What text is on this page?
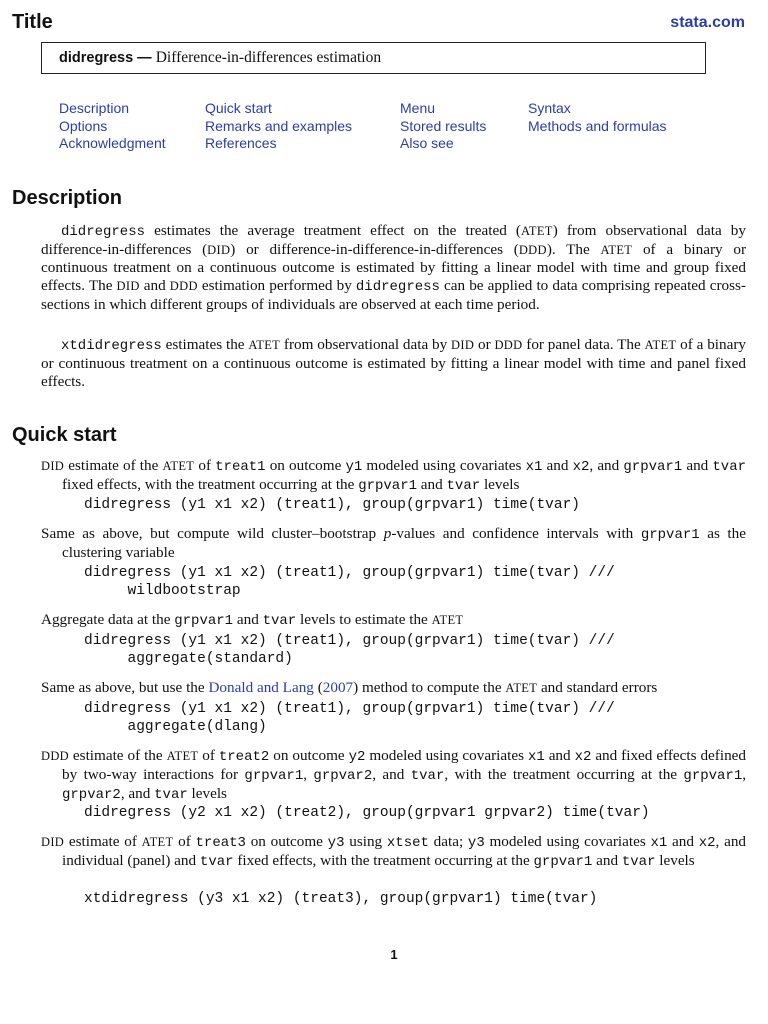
Title	stata.com
didregress — Difference-in-differences estimation
Description
Options
Acknowledgment
Quick start
Remarks and examples
References
Menu
Stored results
Also see
Syntax
Methods and formulas
Description

didregress estimates the average treatment effect on the treated (ATET) from observational data by difference-in-differences (DID) or difference-in-difference-in-differences (DDD). The ATET of a binary or continuous treatment on a continuous outcome is estimated by fitting a linear model with time and group fixed effects. The DID and DDD estimation performed by didregress can be applied to data comprising repeated cross-sections in which different groups of individuals are observed at each time period.

xtdidregress estimates the ATET from observational data by DID or DDD for panel data. The ATET of a binary or continuous treatment on a continuous outcome is estimated by fitting a linear model with time and panel fixed effects.

Quick start

DID estimate of the ATET of treat1 on outcome y1 modeled using covariates x1 and x2, and grpvar1 and tvar fixed effects, with the treatment occurring at the grpvar1 and tvar levels

didregress (y1 x1 x2) (treat1), group(grpvar1) time(tvar)

Same as above, but compute wild cluster–bootstrap p-values and confidence intervals with grpvar1 as the clustering variable

didregress (y1 x1 x2) (treat1), group(grpvar1) time(tvar) ///
wildbootstrap

Aggregate data at the grpvar1 and tvar levels to estimate the ATET

didregress (y1 x1 x2) (treat1), group(grpvar1) time(tvar) ///
aggregate(standard)

Same as above, but use the Donald and Lang (2007) method to compute the ATET and standard errors

didregress (y1 x1 x2) (treat1), group(grpvar1) time(tvar) ///
aggregate(dlang)

DDD estimate of the ATET of treat2 on outcome y2 modeled using covariates x1 and x2 and fixed effects defined by two-way interactions for grpvar1, grpvar2, and tvar, with the treatment occurring at the grpvar1, grpvar2, and tvar levels

didregress (y2 x1 x2) (treat2), group(grpvar1 grpvar2) time(tvar)

DID estimate of ATET of treat3 on outcome y3 using xtset data; y3 modeled using covariates x1 and x2, and individual (panel) and tvar fixed effects, with the treatment occurring at the grpvar1 and tvar levels

xtdidregress (y3 x1 x2) (treat3), group(grpvar1) time(tvar)
1
